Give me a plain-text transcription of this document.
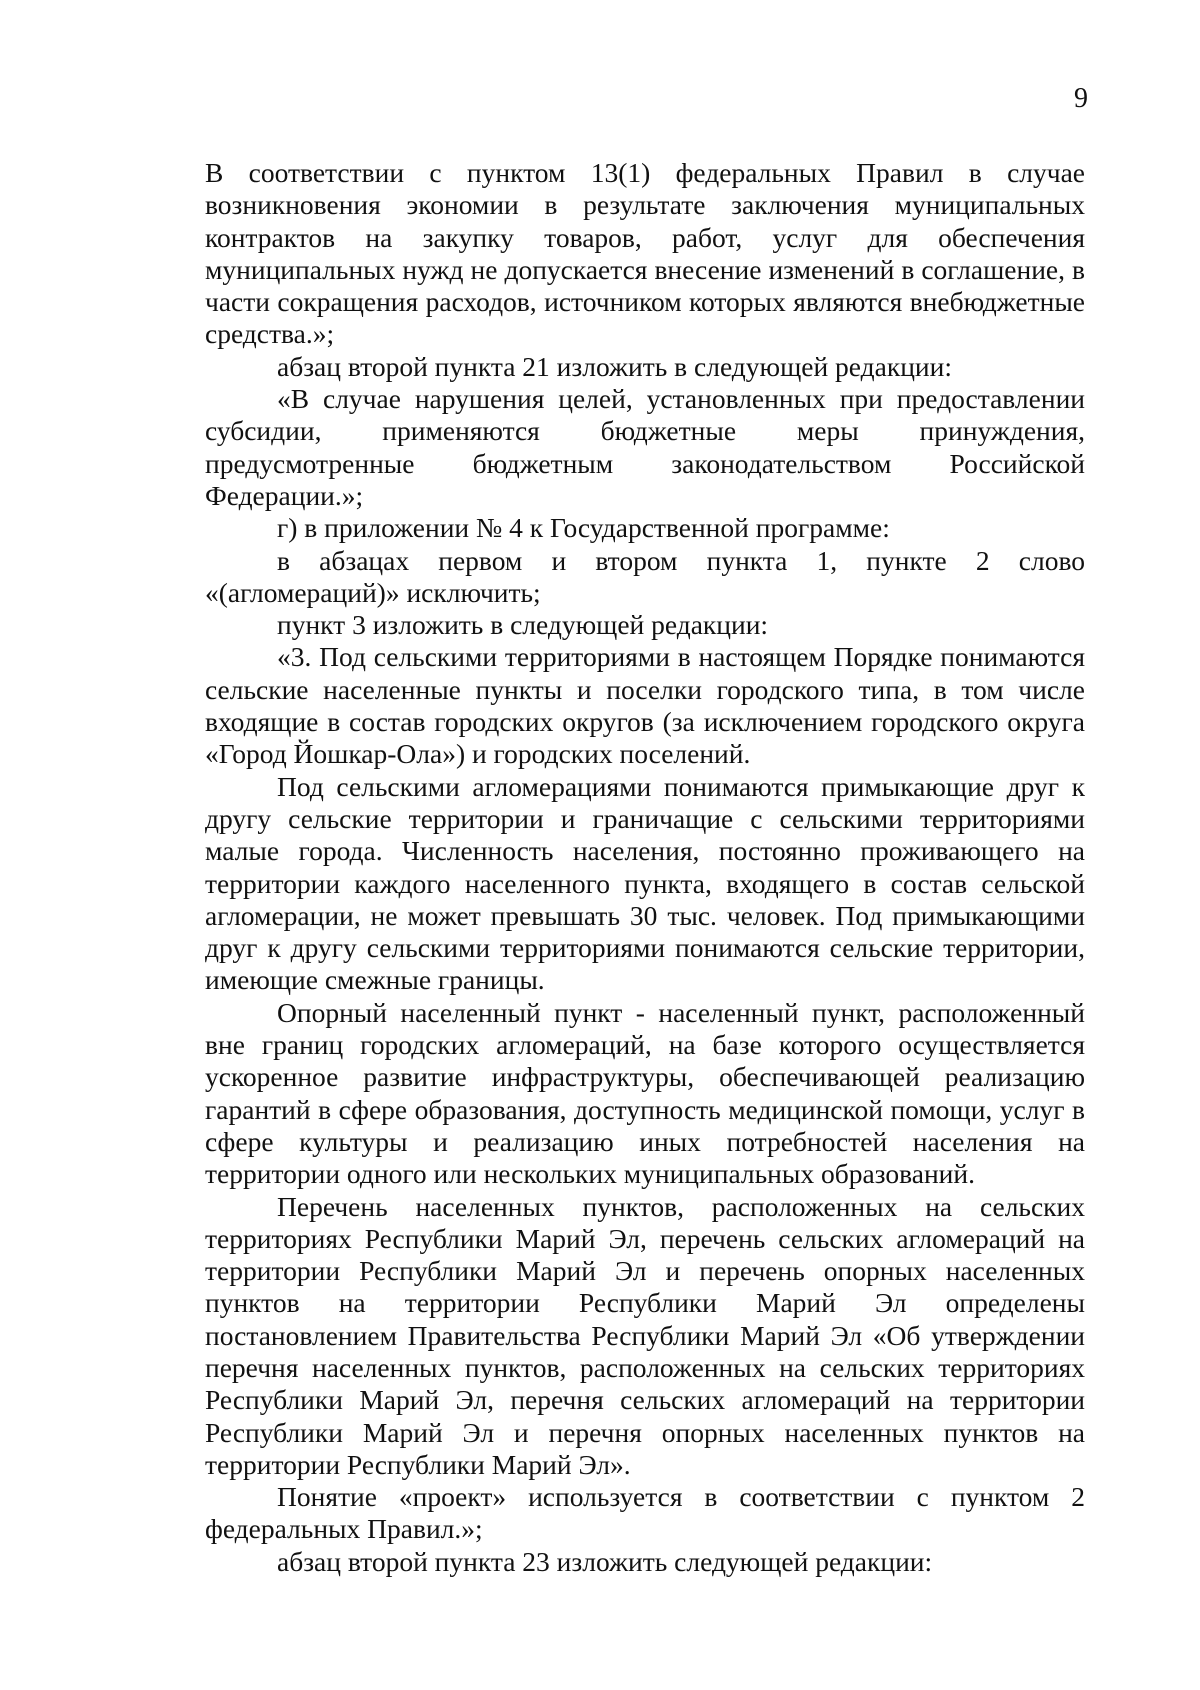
9

В соответствии с пунктом 13(1) федеральных Правил в случае возникновения экономии в результате заключения муниципальных контрактов на закупку товаров, работ, услуг для обеспечения муниципальных нужд не допускается внесение изменений в соглашение, в части сокращения расходов, источником которых являются внебюджетные средства.»;

абзац второй пункта 21 изложить в следующей редакции:

«В случае нарушения целей, установленных при предоставлении субсидии, применяются бюджетные меры принуждения, предусмотренные бюджетным законодательством Российской Федерации.»;

г) в приложении № 4 к Государственной программе:

в абзацах первом и втором пункта 1, пункте 2 слово «(агломераций)» исключить;

пункт 3 изложить в следующей редакции:

«3. Под сельскими территориями в настоящем Порядке понимаются сельские населенные пункты и поселки городского типа, в том числе входящие в состав городских округов (за исключением городского округа «Город Йошкар-Ола») и городских поселений.

Под сельскими агломерациями понимаются примыкающие друг к другу сельские территории и граничащие с сельскими территориями малые города. Численность населения, постоянно проживающего на территории каждого населенного пункта, входящего в состав сельской агломерации, не может превышать 30 тыс. человек. Под примыкающими друг к другу сельскими территориями понимаются сельские территории, имеющие смежные границы.

Опорный населенный пункт - населенный пункт, расположенный вне границ городских агломераций, на базе которого осуществляется ускоренное развитие инфраструктуры, обеспечивающей реализацию гарантий в сфере образования, доступность медицинской помощи, услуг в сфере культуры и реализацию иных потребностей населения на территории одного или нескольких муниципальных образований.

Перечень населенных пунктов, расположенных на сельских территориях Республики Марий Эл, перечень сельских агломераций на территории Республики Марий Эл и перечень опорных населенных пунктов на территории Республики Марий Эл определены постановлением Правительства Республики Марий Эл «Об утверждении перечня населенных пунктов, расположенных на сельских территориях Республики Марий Эл, перечня сельских агломераций на территории Республики Марий Эл и перечня опорных населенных пунктов на территории Республики Марий Эл».

Понятие «проект» используется в соответствии с пунктом 2 федеральных Правил.»;

абзац второй пункта 23 изложить следующей редакции:
